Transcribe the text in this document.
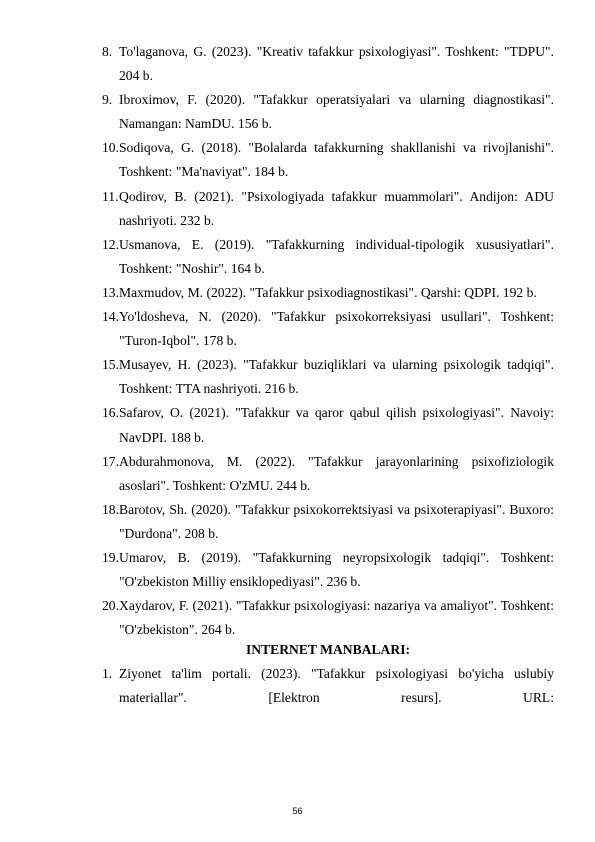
8. To'laganova, G. (2023). "Kreativ tafakkur psixologiyasi". Toshkent: "TDPU". 204 b.
9. Ibroximov, F. (2020). "Tafakkur operatsiyalari va ularning diagnostikasi". Namangan: NamDU. 156 b.
10. Sodiqova, G. (2018). "Bolalarda tafakkurning shakllanishi va rivojlanishi". Toshkent: "Ma'naviyat". 184 b.
11. Qodirov, B. (2021). "Psixologiyada tafakkur muammolari". Andijon: ADU nashriyoti. 232 b.
12. Usmanova, E. (2019). "Tafakkurning individual-tipologik xususiyatlari". Toshkent: "Noshir". 164 b.
13. Maxmudov, M. (2022). "Tafakkur psixodiagnostikasi". Qarshi: QDPI. 192 b.
14. Yo'ldosheva, N. (2020). "Tafakkur psixokorreksiyasi usullari". Toshkent: "Turon-Iqbol". 178 b.
15. Musayev, H. (2023). "Tafakkur buziqliklari va ularning psixologik tadqiqi". Toshkent: TTA nashriyoti. 216 b.
16. Safarov, O. (2021). "Tafakkur va qaror qabul qilish psixologiyasi". Navoiy: NavDPI. 188 b.
17. Abdurahmonova, M. (2022). "Tafakkur jarayonlarining psixofiziologik asoslari". Toshkent: O'zMU. 244 b.
18. Barotov, Sh. (2020). "Tafakkur psixokorrektsiyasi va psixoterapiyasi". Buxoro: "Durdona". 208 b.
19. Umarov, B. (2019). "Tafakkurning neyropsixologik tadqiqi". Toshkent: "O'zbekiston Milliy ensiklopediyasi". 236 b.
20. Xaydarov, F. (2021). "Tafakkur psixologiyasi: nazariya va amaliyot". Toshkent: "O'zbekiston". 264 b.
INTERNET MANBALARI:
1. Ziyonet ta'lim portali. (2023). "Tafakkur psixologiyasi bo'yicha uslubiy materiallar". [Elektron resurs]. URL:
56
